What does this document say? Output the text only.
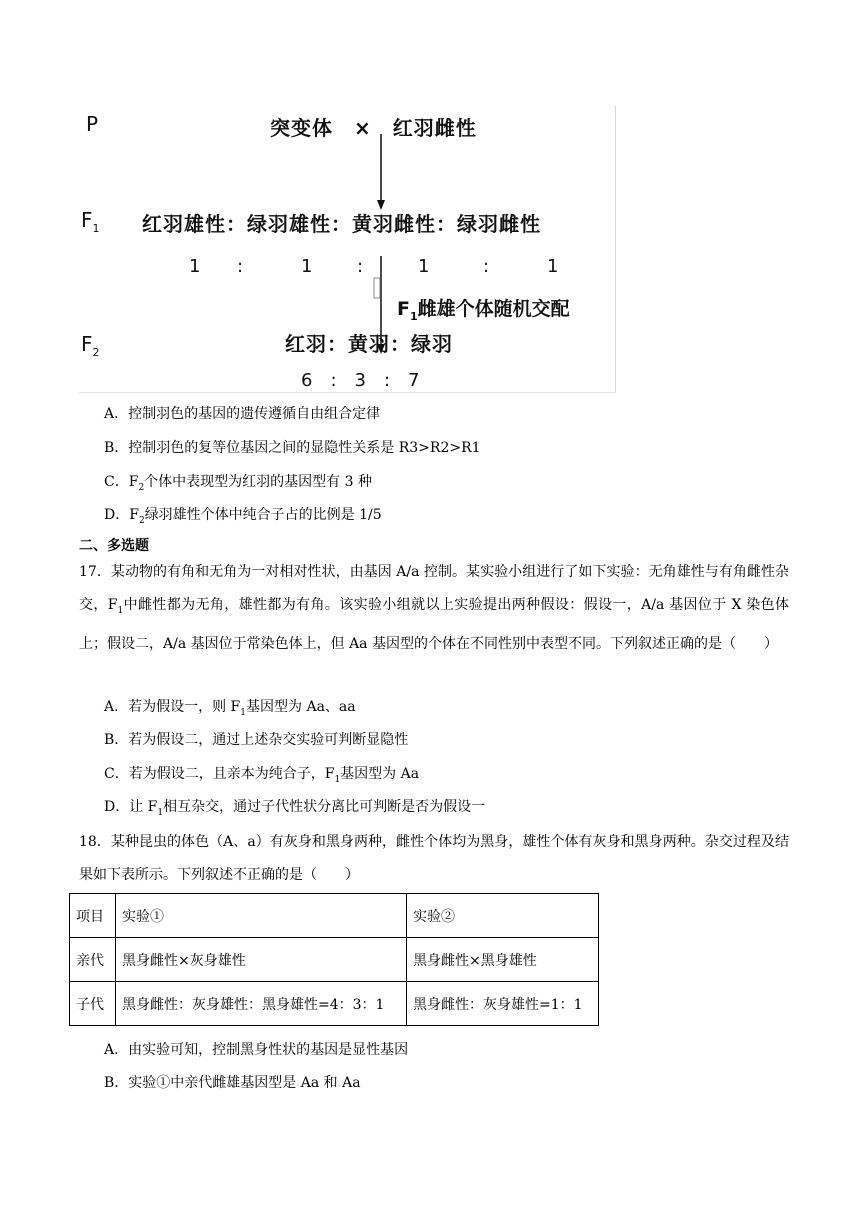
P	突变体　×　红羽雌性
$F_1$ 红羽雄性：绿羽雄性：黄羽雌性：绿羽雌性
1 :	1 :	1	:	1
$F_1$雌雄个体随机交配
$F_2$	红羽：黄羽：绿羽
6　:　3　:　7
A．控制羽色的基因的遗传遵循自由组合定律
B．控制羽色的复等位基因之间的显隐性关系是 R3>R2>R1
C．$F_2$个体中表现型为红羽的基因型有 3 种
D．$F_2$绿羽雄性个体中纯合子占的比例是 1/5
二、多选题
17．某动物的有角和无角为一对相对性状，由基因 A/a 控制。某实验小组进行了如下实验：无角雄性与有角雌性杂交，$F_1$中雌性都为无角，雄性都为有角。该实验小组就以上实验提出两种假设：假设一，A/a 基因位于 X 染色体上；假设二，A/a 基因位于常染色体上，但 Aa 基因型的个体在不同性别中表型不同。下列叙述正确的是（　　）
A．若为假设一，则 $F_1$基因型为 Aa、aa
B．若为假设二，通过上述杂交实验可判断显隐性
C．若为假设二，且亲本为纯合子，$F_1$基因型为 Aa
D．让 $F_1$相互杂交，通过子代性状分离比可判断是否为假设一
18．某种昆虫的体色（A、a）有灰身和黑身两种，雌性个体均为黑身，雄性个体有灰身和黑身两种。杂交过程及结果如下表所示。下列叙述不正确的是（　　）
项目	实验①	实验②
亲代	黑身雌性×灰身雄性	黑身雌性×黑身雄性
子代	黑身雌性：灰身雄性：黑身雄性=4：3：1	黑身雌性：灰身雄性=1：1
A．由实验可知，控制黑身性状的基因是显性基因
B．实验①中亲代雌雄基因型是 Aa 和 Aa
